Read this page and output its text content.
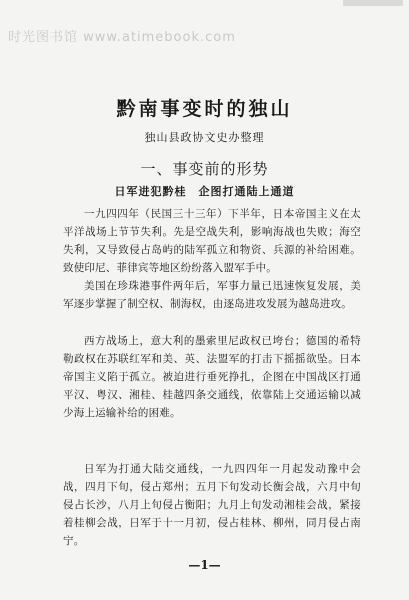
时光图书馆 www.atimebook.com
黔南事变时的独山
独山县政协文史办整理
一、事变前的形势
日军进犯黔桂　企图打通陆上通道

一九四四年（民国三十三年）下半年，日本帝国主义在太平洋战场上节节失利。先是空战失利，影响海战也失败；海空失利，又导致侵占岛屿的陆军孤立和物资、兵源的补给困难。致使印尼、菲律宾等地区纷纷落入盟军手中。

美国在珍珠港事件两年后，军事力量已迅速恢复发展，美军逐步掌握了制空权、制海权，由逐岛进攻发展为越岛进攻。

西方战场上，意大利的墨索里尼政权已垮台；德国的希特勒政权在苏联红军和美、英、法盟军的打击下摇摇欲坠。日本帝国主义陷于孤立。被迫进行垂死挣扎，企图在中国战区打通平汉、粤汉、湘桂、桂越四条交通线，依靠陆上交通运输以减少海上运输补给的困难。

日军为打通大陆交通线，一九四四年一月起发动豫中会战，四月下旬，侵占郑州；五月下旬发动长衡会战，六月中旬侵占长沙，八月上旬侵占衡阳；九月上旬发动湘桂会战，紧接着桂柳会战，日军于十一月初，侵占桂林、柳州，同月侵占南宁。

—1—
